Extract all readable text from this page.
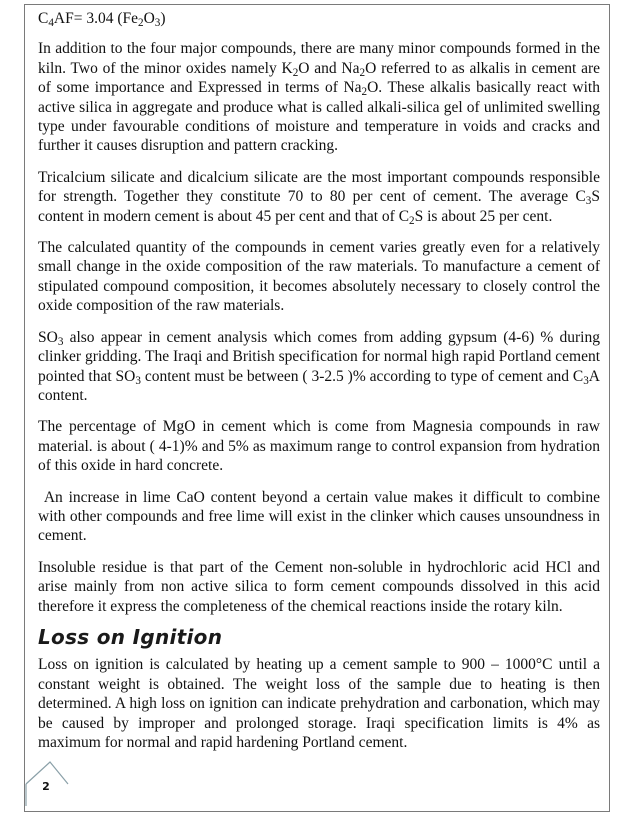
$C_4AF= 3.04$ $(Fe_2O_3)$

In addition to the four major compounds, there are many minor compounds formed in the kiln. Two of the minor oxides namely $K_2O$ and $Na_2O$ referred to as alkalis in cement are of some importance and Expressed in terms of $Na_2O$. These alkalis basically react with active silica in aggregate and produce what is called alkali-silica gel of unlimited swelling type under favourable conditions of moisture and temperature in voids and cracks and further it causes disruption and pattern cracking.

Tricalcium silicate and dicalcium silicate are the most important compounds responsible for strength. Together they constitute 70 to 80 per cent of cement. The average $C_3S$ content in modern cement is about 45 per cent and that of $C_2S$ is about 25 per cent.

The calculated quantity of the compounds in cement varies greatly even for a relatively small change in the oxide composition of the raw materials. To manufacture a cement of stipulated compound composition, it becomes absolutely necessary to closely control the oxide composition of the raw materials.

$SO_3$ also appear in cement analysis which comes from adding gypsum (4-6) % during clinker gridding. The Iraqi and British specification for normal high rapid Portland cement pointed that $SO_3$ content must be between ( 3-2.5 )% according to type of cement and $C_3A$ content.

The percentage of MgO in cement which is come from Magnesia compounds in raw material. is about ( 4-1)% and 5% as maximum range to control expansion from hydration of this oxide in hard concrete.

An increase in lime CaO content beyond a certain value makes it difficult to combine with other compounds and free lime will exist in the clinker which causes unsoundness in cement.

Insoluble residue is that part of the Cement non-soluble in hydrochloric acid HCl and arise mainly from non active silica to form cement compounds dissolved in this acid therefore it express the completeness of the chemical reactions inside the rotary kiln.

Loss on Ignition

Loss on ignition is calculated by heating up a cement sample to 900 – 1000°C until a constant weight is obtained. The weight loss of the sample due to heating is then determined. A high loss on ignition can indicate prehydration and carbonation, which may be caused by improper and prolonged storage. Iraqi specification limits is 4% as maximum for normal and rapid hardening Portland cement.

2
